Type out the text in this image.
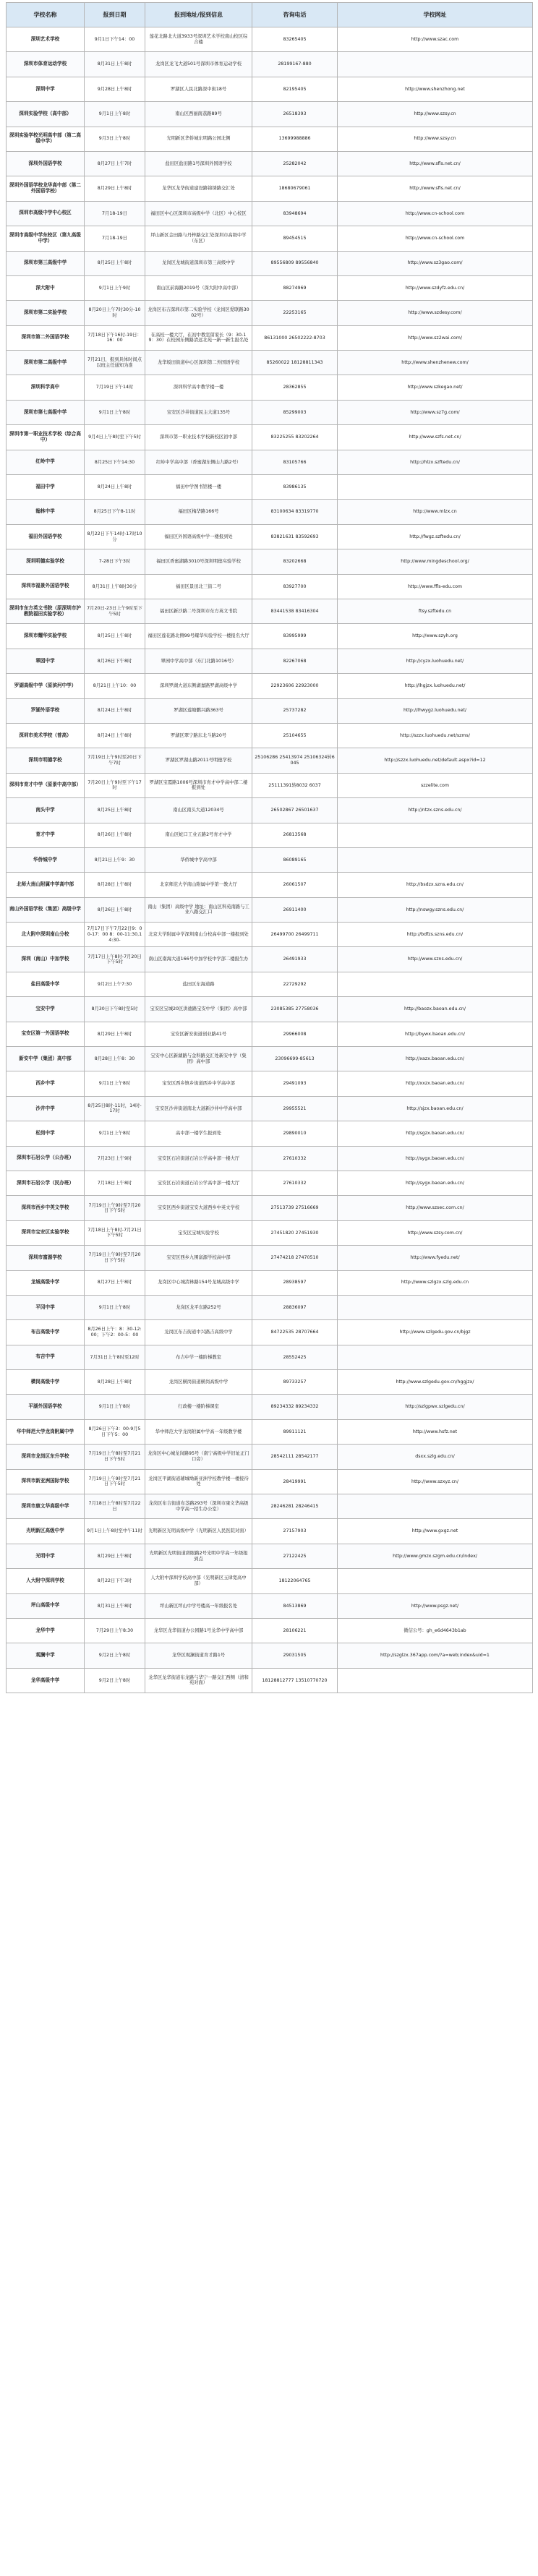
学校名称	报到日期	报到地址/报到信息	咨询电话	学校网址
深圳艺术学校	9月1日下午14：00	莲花北路北大道3933号深圳艺术学校南山校区综合楼	83265405	http://www.szac.com
深圳市体育运动学校	8月31日上午8时	龙岗区龙飞大道501号深圳市体育运动学校	28199167-880	
深圳中学	9月28日上午8时	罗湖区人民北路深中街18号	82195405	http://www.shenzhong.net
深圳实验学校（高中部）	9月1日上午8时	南山区西丽南荔路89号	26518393	http://www.szsy.cn
深圳实验学校光明高中部（第二高级中学）	9月3日上午8时	光明新区华侨城东明路公园北侧	13699988886	http://www.szsy.cn
深圳外国语学校	8月27日上午7时	盐田区盐田路1号深圳外国语学校	25282042	http://www.sfls.net.cn/
深圳外国语学校龙华高中部（第二外国语学校）	8月29日上午8时	龙华区龙华街道建设路锦绣路交汇处	18680679061	http://www.sfls.net.cn/
深圳市高级中学中心校区	7月18-19日	福田区中心区深圳市高级中学（北区）中心校区	83948694	http://www.cn-school.com
深圳市高级中学东校区（第九高级中学）	7月18-19日	坪山新区金田路与丹梓路交汇处深圳市高级中学（东区）	89454515	http://www.cn-school.com
深圳市第三高级中学	8月25日上午8时	龙岗区龙城街道深圳市第三高级中学	89556809 89556840	http://www.sz3gao.com/
深大附中	9月1日上午9时	南山区前海路2019号（深大附中高中部）	88274969	http://www.szdyfz.edu.cn/
深圳市第二实验学校	8月20日上午7时30分-10时	龙岗区布吉深圳市第二实验学校（龙岗区爱联路3002号）	22253165	http://www.szdesy.com/
深圳市第二外国语学校	7月18日下午16时-19日：16：00	在高校一楼大厅，在初中教室留家长（9：30-19：30）在校园东侧路清远北苑一新一新生报名处	86131000 26502222-8703	http://www.sz2wai.com/
深圳市第二高级中学	7月21日，报到具体时间点以班主任通知为准	龙华坂田街道中心区深圳第二外国语学校	85260022 18128811343	http://www.shenzhenew.com/
深圳科学高中	7月19日下午14时	深圳科学高中教学楼一楼	28362855	http://www.szkegao.net/
深圳市第七高级中学	9月1日上午8时	宝安区沙井街道民主大道135号	85299003	http://www.sz7g.com/
深圳市第一职业技术学校（综合高中）	9月4日上午8时至下午5时	深圳市第一职业技术学校新校区初中部	83225255 83202264	http://www.szfs.net.cn/
红岭中学	8月25日下午14:30	红岭中学高中部（香蜜湖东侧山九路2号）	83105766	http://hlzx.szftedu.cn/
福田中学	8月24日上午8时	福田中学图书馆楼一楼	83986135	
翰林中学	8月25日下午8-11时	福田区梅华路166号	83100634 83319770	http://www.mlzx.cn
福田外国语学校	8月22日下午14时-17时10分	福田区外国语高级中学一楼报到处	83821631 83592693	http://fwgz.szftedu.cn/
深圳明德实验学校	7-28日下午3时	福田区香蜜湖路3010号深圳明德实验学校	83202668	http://www.mingdeschool.org/
深圳市福景外国语学校	8月31日上午8时30分	福田区景田北三街二号	83927700	http://www.ffls-edu.com
深圳市东方英文书院（原深圳市沪教院福田实验学校）	7月20日-23日上午9时至下午5时	福田区新沙路二号深圳市东方英文书院	83441538 83416304	ftsy.szftedu.cn
深圳市耀华实验学校	8月25日上午8时	福田区莲花路北侧99号耀华实验学校一楼报名大厅	83995999	http://www.szyh.org
翠园中学	8月26日下午8时	翠园中学高中部（东门北路1016号）	82267068	http://cyzx.luohuedu.net/
罗湖高级中学（原滨河中学）	8月21日上午10：00	深圳罗湖大道东侧湖嘉路罗湖高级中学	22923606 22923000	http://lhgjzx.luohuedu.net/
罗湖外语学校	8月24日上午8时	罗湖区莲塘鹏兴路363号	25737282	http://lhwygz.luohuedu.net/
深圳市美术学校（普高）	8月24日上午8时	罗湖区翠宁路东北斗路20号	25104655	http://szzx.luohuedu.net/szms/
深圳市明德学校	7月19日上午9时至20日下午7时	罗湖区罗湖山路2011号明德学校	25106286 25413974 25106324转6045	http://szzx.luohuedu.net/default.aspx?id=12
深圳市育才中学（原景中高中部）	7月20日上午9时至下午17时	罗湖区宝霞路1006号深圳市育才中学高中部二楼报到处	25111391转8032 6037	szzelite.com
南头中学	8月25日上午8时	南山区南头大道12034号	26502867 26501637	http://ntzx.szns.edu.cn/
育才中学	8月26日上午8时	南山区蛇口工业五路2号育才中学	26813568	
华侨城中学	8月21日上午9：30	华侨城中学高中部	86089165	
北师大南山附属中学高中部	8月28日上午8时	北京师范大学南山附属中学第一教大厅	26061507	http://bsdzx.szns.edu.cn/
南山外国语学校（集团）高级中学	8月26日上午8时	南山（集团）高级中学 地址：南山区科苑南路与工业八路交汇口	26911400	http://nswgy.szns.edu.cn/
北大附中深圳南山分校	7月17日下午7月22日9：00-17：00 8：00-11:30,14:30-	北京大学附属中学深圳南山分校高中部一楼报到处	26499700 26499711	http://bdfzs.szns.edu.cn/
深圳（南山）中加学校	7月17日上午8时-7月20日下午5时	南山区南海大道166号中加学校中学部二楼报生办	26491933	http://www.szns.edu.cn/
盐田高级中学	9月2日上午7:30	盐田区东海道路	22729292	
宝安中学	8月30日下午8时至5时	宝安区宝城20区洪德路宝安中学（集团）高中部	23085385 27758036	http://baozx.baoan.edu.cn/
宝安区第一外国语学校	8月29日上午8时	宝安区新安街道创业路41号	29966008	http://bywx.baoan.edu.cn/
新安中学（集团）高中部	8月28日上午8：30	宝安中心区新湖路与金科路交汇处新安中学（集团）高中部	23096699-85613	http://xazx.baoan.edu.cn/
西乡中学	9月1日上午8时	宝安区西乡镇乡街道西乡中学高中部	29491093	http://xxzx.baoan.edu.cn/
沙井中学	8月25日8时-11时，14时-17时	宝安区沙井街道南北大道新沙井中学高中部	29955521	http://sjzx.baoan.edu.cn/
松岗中学	9月1日上午8时	高中部一楼学生报到处	29890010	http://sgzx.baoan.edu.cn/
深圳市石岩公学（公办班）	7月23日上午9时	宝安区石岩街道石岩公学高中部一楼大厅	27610332	http://sygx.baoan.edu.cn/
深圳市石岩公学（民办班）	7月18日上午8时	宝安区石岩街道石岩公学高中部一楼大厅	27610332	http://sygx.baoan.edu.cn/
深圳市西乡中英文学校	7月19日上午9时至7月20日下午5时	宝安区西乡街道宝安大道西乡中英文学校	27513739 27516669	http://www.szsec.com.cn/
深圳市宝安区实验学校	7月18日上午8时-7月21日下午5时	宝安区宝城实验学校	27451820 27451930	http://www.szsy.com.cn/
深圳市富源学校	7月19日上午9时至7月20日下午5时	宝安区西乡九围富源学校高中部	27474218 27470510	http://www.fyedu.net/
龙城高级中学	8月27日上午8时	龙岗区中心城清林路154号龙城高级中学	28938597	http://www.szlgzx.szlg.edu.cn
平冈中学	9月1日上午8时	龙岗区龙平东路252号	28836097	
布吉高级中学	8月26日上午：8：30-12:00；下午2：00-5：00	龙岗区布吉街道中兴路吉高级中学	84722535 28707664	http://www.szlgedu.gov.cn/bjgz
布吉中学	7月31日上午8时至12时	布吉中学一楼阶梯教室	28552425	
横岗高级中学	8月28日上午8时	龙岗区横岗街道横岗高级中学	89733257	http://www.szlgedu.gov.cn/hggjzx/
平湖外国语学校	9月1日上午8时	行政楼一楼阶梯课室	89234332 89234332	http://szlgpwx.szlgedu.cn/
华中师范大学龙岗附属中学	8月26日下午3：00-9月5日下午5：00	华中师范大学龙岗附属中学高一年级教学楼	89911121	http://www.hsfz.net
深圳市龙岗区东升学校	7月19日上午8时至7月21日下午5时	龙岗区中心城龙岗路95号（南宁高级中学旧址正门口旁）	28542111 28542177	dsxx.szlg.edu.cn/
深圳市新亚洲国际学校	7月19日上午9时至7月21日下午5时	龙岗区平湖街道辅城坳新亚洲学校教学楼一楼接待处	28419991	http://www.szxyz.cn/
深圳市康文华高级中学	7月18日上午8时至7月22日	龙岗区布吉街道布茎路293号（深圳市康文华高级中学高一招生办公室）	28246281 28246415	
光明新区高级中学	9月1日上午8时至中午11时	光明新区光明高级中学（光明新区人民医院对面）	27157903	http://www.gxgz.net
光明中学	8月29日上午8时	光明新区光明街道碧眼路2号光明中学高一年级报到点	27122425	http://www.gmzx.szgm.edu.cn/index/
人大附中深圳学校	8月22日下午3时	人大附中深圳学校高中部（光明新区玉律宽高中部）	18122064765	
坪山高级中学	8月31日上午8时	坪山新区坪山中学号楼高一年级报名处	84513869	http://www.psgz.net/
龙华中学	7月29日上午8:30	龙华区龙华街道办公园路1号龙华中学高中部	28106221	微信公号：gh_e6d4643b1ab
观澜中学	9月2日上午8时	龙华区观澜街道育才路1号	29031505	http://szglzx.367app.com/?a=web;index&uid=1
龙华高级中学	9月2日上午8时	龙华区龙华街道布龙路与华宁一路交汇西侧（清和苑对面）	18128812777 13510770720	
